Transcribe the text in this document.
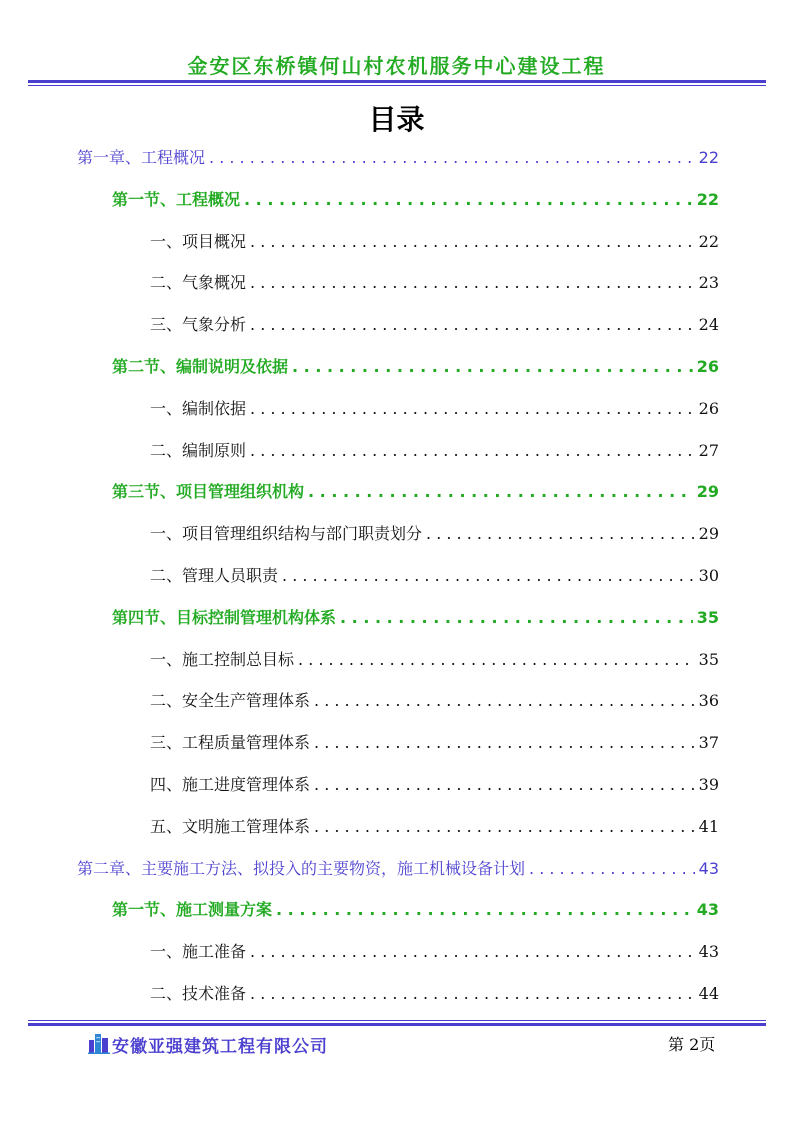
金安区东桥镇何山村农机服务中心建设工程
目录
第一章、工程概况 . . .	22
第一节、工程概况 . . .	22
一、项目概况 . . .	22
二、气象概况 . . .	23
三、气象分析 . . .	24
第二节、编制说明及依据 . . .	26
一、编制依据 . . .	26
二、编制原则 . . .	27
第三节、项目管理组织机构 . . .	29
一、项目管理组织结构与部门职责划分 . . .	29
二、管理人员职责 . . .	30
第四节、目标控制管理机构体系 . . .	35
一、施工控制总目标 . . .	35
二、安全生产管理体系 . . .	36
三、工程质量管理体系 . . .	37
四、施工进度管理体系 . . .	39
五、文明施工管理体系 . . .	41
第二章、主要施工方法、拟投入的主要物资，施工机械设备计划 . . .	43
第一节、施工测量方案 . . .	43
一、施工准备 . . .	43
二、技术准备 . . .	44
安徽亚强建筑工程有限公司	第 2页
